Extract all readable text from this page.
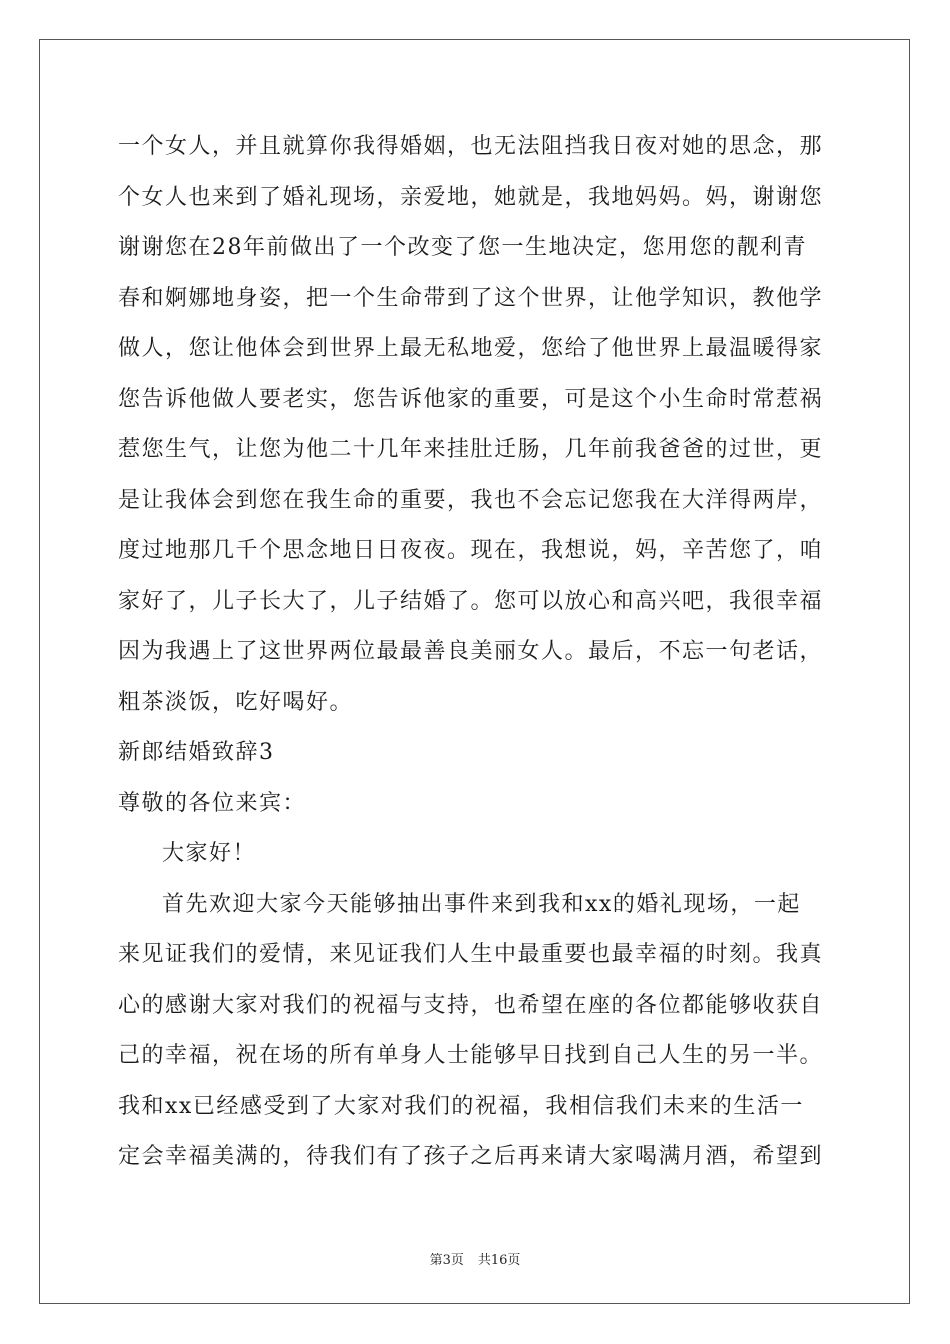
一个女人，并且就算你我得婚姻，也无法阻挡我日夜对她的思念，那
个女人也来到了婚礼现场，亲爱地，她就是，我地妈妈。妈，谢谢您
谢谢您在28年前做出了一个改变了您一生地决定，您用您的靓利青
春和婀娜地身姿，把一个生命带到了这个世界，让他学知识，教他学
做人，您让他体会到世界上最无私地爱，您给了他世界上最温暖得家
您告诉他做人要老实，您告诉他家的重要，可是这个小生命时常惹祸
惹您生气，让您为他二十几年来挂肚迁肠，几年前我爸爸的过世，更
是让我体会到您在我生命的重要，我也不会忘记您我在大洋得两岸，
度过地那几千个思念地日日夜夜。现在，我想说，妈，辛苦您了，咱
家好了，儿子长大了，儿子结婚了。您可以放心和高兴吧，我很幸福
因为我遇上了这世界两位最最善良美丽女人。最后，不忘一句老话，
粗茶淡饭，吃好喝好。
新郎结婚致辞3
尊敬的各位来宾：
大家好！
首先欢迎大家今天能够抽出事件来到我和xx的婚礼现场，一起
来见证我们的爱情，来见证我们人生中最重要也最幸福的时刻。我真
心的感谢大家对我们的祝福与支持，也希望在座的各位都能够收获自
己的幸福，祝在场的所有单身人士能够早日找到自己人生的另一半。
我和xx已经感受到了大家对我们的祝福，我相信我们未来的生活一
定会幸福美满的，待我们有了孩子之后再来请大家喝满月酒，希望到
第3页 共16页
